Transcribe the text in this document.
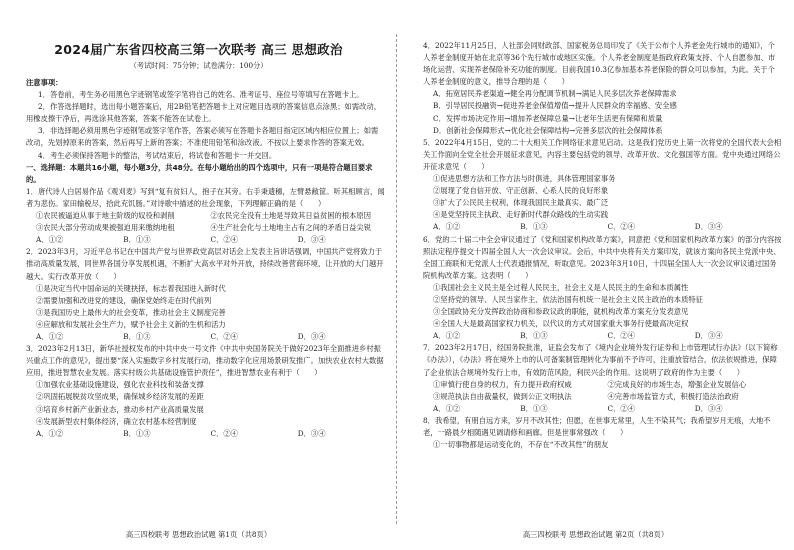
2024届广东省四校高三第一次联考 高三 思想政治
（考试时间：75分钟；试卷满分：100分）

注意事项：

1．答卷前，考生务必用黑色字迹钢笔或签字笔将自己的姓名、准考证号、座位号等填写在答题卡上。

2．作答选择题时，选出每小题答案后，用2B铅笔把答题卡上对应题目选项的答案信息点涂黑；如需改动，用橡皮擦干净后，再选涂其他答案，答案不能答在试卷上。

3．非选择题必须用黑色字迹钢笔或签字笔作答，答案必须写在答题卡各题目指定区域内相应位置上；如需改动，先划掉原来的答案，然后再写上新的答案；不准使用铅笔和涂改液。不按以上要求作答的答案无效。

4．考生必须保持答题卡的整洁，考试结束后，将试卷和答题卡一并交回。

一、选择题：本题共16小题，每小题3分，共48分。在每小题给出的四个选项中，只有一项是符合题目要求的。

1．唐代诗人白居易作品《观刈麦》写到“复有贫妇人，抱子在其旁。右手秉遗穗，左臂悬敝筐。听其相顾言，闻者为悲伤。家田输税尽，拾此充饥肠。”对诗歌中描述的社会现象，下列理解正确的是（　　）

①农民被逼迫从事于地主阶级的奴役和剥削	②农民完全没有土地是导致其日益贫困的根本原因
③农民大部分劳动成果被强迫用来缴纳地租	④生产社会化与土地地主占有之间的矛盾日益尖锐
A．①②	B．①③	C．②④	D．③④

2．2023年3月，习近平总书记在中国共产党与世界政党高层对话会上发表主旨讲话强调，中国共产党将致力于推动高质量发展，同世界各国分享发展机遇，不断扩大高水平对外开放，持续改善营商环境，让开放的大门越开越大。实行改革开放（　　）

①是决定当代中国命运的关键抉择，标志着我国进入新时代
②需要加强和改进党的建设，确保党始终走在时代前列
③是我国历史上最伟大的社会变革，推动社会主义制度完善
④应解放和发展社会生产力，赋予社会主义新的生机和活力
A．①②	B．①③	C．②④	D．③④

3．2023年2月13日，新华社授权发布的中共中央一号文件《中共中央国务院关于做好2023年全面推进乡村振兴重点工作的意见》，提出要“深入实施数字乡村发展行动，推动数字化应用场景研发推广。加快农业农村大数据应用，推进智慧农业发展。落实村级公共基础设施管护责任”，推进智慧农业有利于（　　）

①加强农业基础设施建设，强化农业科技和装备支撑
②巩固拓展脱贫攻坚成果，确保城乡经济发展的差距
③培育乡村新产业新业态，推动乡村产业高质量发展
④发展新型农村集体经济，确立农村基本经营制度
A．①②	B．①③	C．②④	D．③④
高三四校联考 思想政治试题 第1页（共8页）

4．2022年11月25日，人社部会同财政部、国家税务总局印发了《关于公布个人养老金先行城市的通知》，个人养老金制度开始在北京等36个先行城市或地区实施。个人养老金制度是指政府政策支持、个人自愿参加、市场化运营、实现养老保险补充功能的制度。目前我国10.3亿参加基本养老保险的群众可以参加，为此。关于个人养老金制度的意义，推导合理的是（　　）

A．拓宽居民养老渠道→健全再分配调节机制→满足人民多层次养老保障需求
B．引导居民投融资→促进养老金保值增值→提升人民群众的幸福感、安全感
C．发挥市场决定作用→增加养老保障总量→让老年生活更有保障和质量
D．创新社会保障形式→优化社会保障结构→完善多层次的社会保障体系

5．2022年4月15日，党的二十大相关工作网络征求意见启动。这是我们党历史上第一次将党的全国代表大会相关工作面向全党全社会开展征求意见，内容主要包括党的领导、改革开放、文化强国等方面。党中央通过网络公开征求意见（　　）

①促进思想方法和工作方法与时俱进，具体管理国家事务
②展现了党自信开放、守正创新、心系人民的良好形象
③扩大了公民民主权利，体现我国民主最真实、最广泛
④是党坚持民主执政、走好新时代群众路线的生动实践
A．①②	B．①③	C．②④	D．③④

6．党的二十届二中全会审议通过了《党和国家机构改革方案》，同意把《党和国家机构改革方案》的部分内容按照法定程序提交十四届全国人大一次会议审议。会后，中共中央将有关方案印发，就该方案向各民主党派中央、全国工商联和无党派人士代表通报情况，听取意见。2023年3月10日，十四届全国人大一次会议审议通过国务院机构改革方案。这表明（　　）

①我国社会主义民主是全过程人民民主，社会主义是人民民主的生命和本质属性
②坚持党的领导、人民当家作主、依法治国有机统一是社会主义民主政治的本质特征
③全国政协充分发挥政治协商和参政议政的职能，就机构改革方案充分发表意见
④全国人大是最高国家权力机关，以代议的方式对国家重大事务行使最高决定权
A．①②	B．①③	C．②④	D．③④

7．2023年2月17日，经国务院批准，证监会发布了《境内企业境外发行证券和上市管理试行办法》（以下简称《办法》），《办法》将在境外上市的认可备案制管理转化为事前不予许可，注重放管结合，依法依规推进，保障了企业依法合规境外发行上市，有效防范风险，利民兴企的作用。这说明了政府的作为主要（　　）

①审慎行使自身的权力，有力提升政府权威	②完成良好的市场生态，增强企业发展信心
③规范执法自由裁量权，做到公正文明执法	④完善市场监管方式，积极打造法治政府
A．①②	B．①③	C．②④	D．③④

8．我希望，有朋自远方来，岁月不改其性；但愿，在世事无常里，人生不染其气；我希望岁月无痕，大地不老，一路晨夕相随遇见调请修和画廊。但是世事常强改（　　）

①一切事物都是运动变化的，不存在“不改其性”的朋友
高三四校联考 思想政治试题 第2页（共8页）
